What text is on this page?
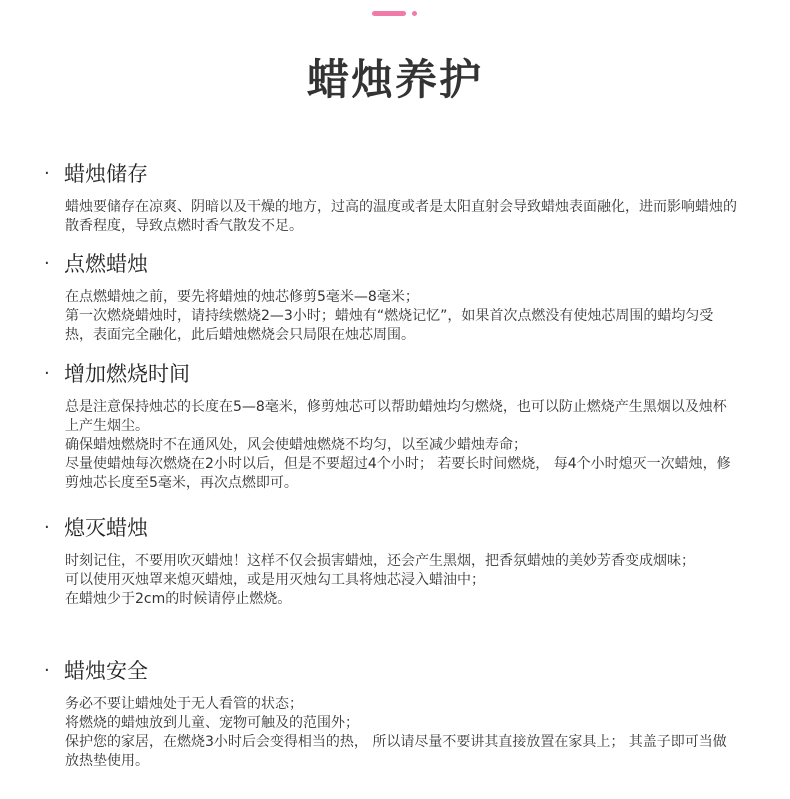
蜡烛养护
· 蜡烛储存

蜡烛要储存在凉爽、阴暗以及干燥的地方，过高的温度或者是太阳直射会导致蜡烛表面融化，进而影响蜡烛的散香程度，导致点燃时香气散发不足。

· 点燃蜡烛

在点燃蜡烛之前，要先将蜡烛的烛芯修剪5毫米—8毫米；

第一次燃烧蜡烛时，请持续燃烧2—3小时；蜡烛有“燃烧记忆”，如果首次点燃没有使烛芯周围的蜡均匀受热，表面完全融化，此后蜡烛燃烧会只局限在烛芯周围。

· 增加燃烧时间

总是注意保持烛芯的长度在5—8毫米，修剪烛芯可以帮助蜡烛均匀燃烧，也可以防止燃烧产生黑烟以及烛杯上产生烟尘。

确保蜡烛燃烧时不在通风处，风会使蜡烛燃烧不均匀，以至减少蜡烛寿命；

尽量使蜡烛每次燃烧在2小时以后，但是不要超过4个小时； 若要长时间燃烧， 每4个小时熄灭一次蜡烛，修剪烛芯长度至5毫米，再次点燃即可。

· 熄灭蜡烛

时刻记住，不要用吹灭蜡烛！这样不仅会损害蜡烛，还会产生黑烟，把香氛蜡烛的美妙芳香变成烟味；

可以使用灭烛罩来熄灭蜡烛，或是用灭烛勾工具将烛芯浸入蜡油中；

在蜡烛少于2cm的时候请停止燃烧。

· 蜡烛安全

务必不要让蜡烛处于无人看管的状态；

将燃烧的蜡烛放到儿童、宠物可触及的范围外；

保护您的家居，在燃烧3小时后会变得相当的热， 所以请尽量不要讲其直接放置在家具上； 其盖子即可当做放热垫使用。
